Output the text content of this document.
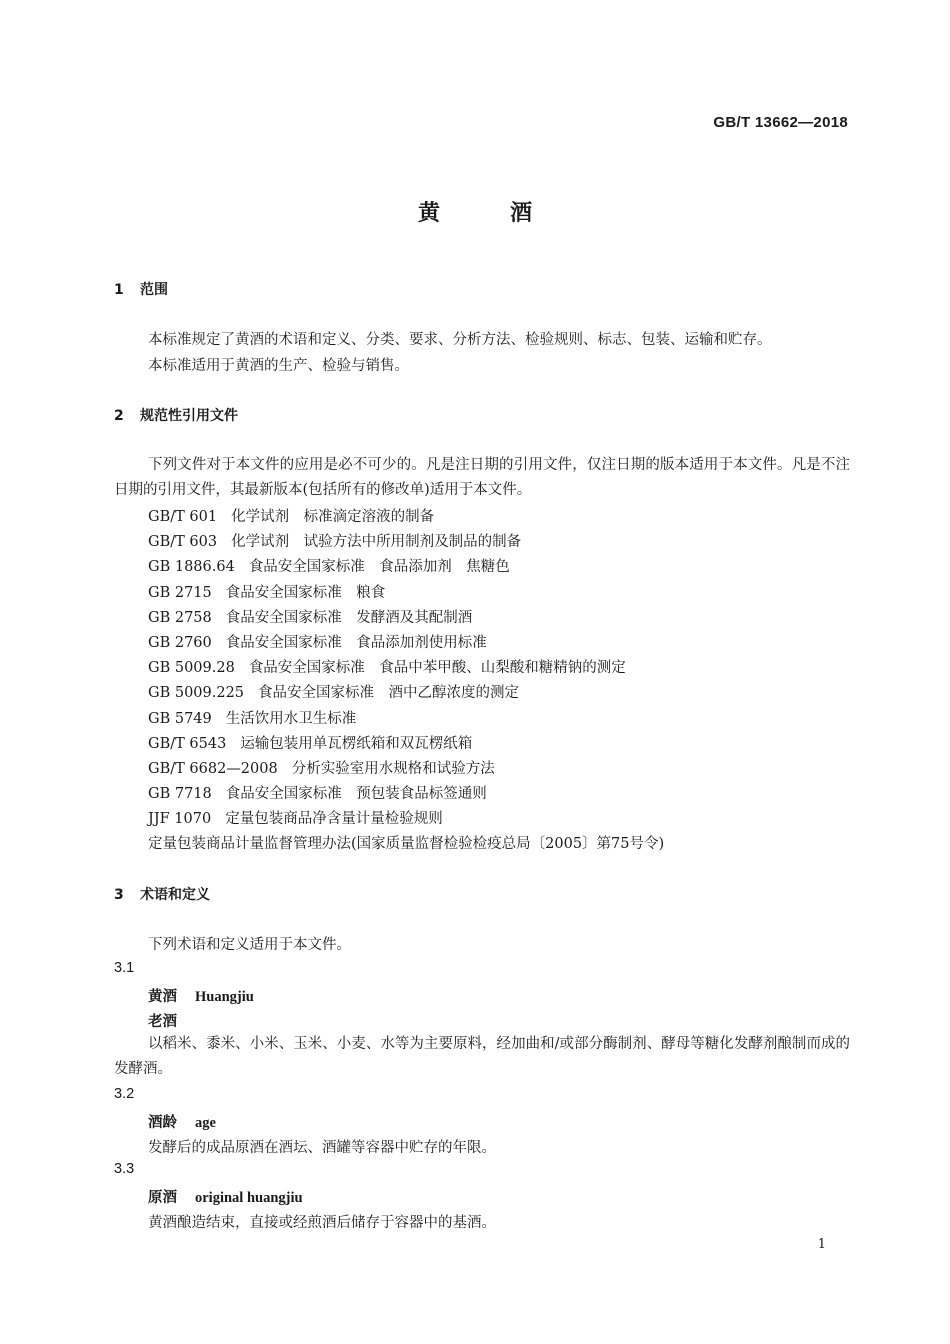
GB/T 13662—2018
黄酒
1 范围
本标准规定了黄酒的术语和定义、分类、要求、分析方法、检验规则、标志、包装、运输和贮存。
本标准适用于黄酒的生产、检验与销售。
2 规范性引用文件
下列文件对于本文件的应用是必不可少的。凡是注日期的引用文件，仅注日期的版本适用于本文件。凡是不注日期的引用文件，其最新版本(包括所有的修改单)适用于本文件。
GB/T 601 化学试剂　标准滴定溶液的制备
GB/T 603 化学试剂　试验方法中所用制剂及制品的制备
GB 1886.64 食品安全国家标准　食品添加剂　焦糖色
GB 2715 食品安全国家标准　粮食
GB 2758 食品安全国家标准　发酵酒及其配制酒
GB 2760 食品安全国家标准　食品添加剂使用标准
GB 5009.28 食品安全国家标准　食品中苯甲酸、山梨酸和糖精钠的测定
GB 5009.225 食品安全国家标准　酒中乙醇浓度的测定
GB 5749 生活饮用水卫生标准
GB/T 6543 运输包装用单瓦楞纸箱和双瓦楞纸箱
GB/T 6682—2008 分析实验室用水规格和试验方法
GB 7718 食品安全国家标准　预包装食品标签通则
JJF 1070 定量包装商品净含量计量检验规则
定量包装商品计量监督管理办法(国家质量监督检验检疫总局〔2005〕第75号令)
3 术语和定义
下列术语和定义适用于本文件。
3.1
黄酒 Huangjiu
老酒
以稻米、黍米、小米、玉米、小麦、水等为主要原料，经加曲和/或部分酶制剂、酵母等糖化发酵剂酿制而成的发酵酒。
3.2
酒龄 age
发酵后的成品原酒在酒坛、酒罐等容器中贮存的年限。
3.3
原酒 original huangjiu
黄酒酿造结束，直接或经煎酒后储存于容器中的基酒。
1
